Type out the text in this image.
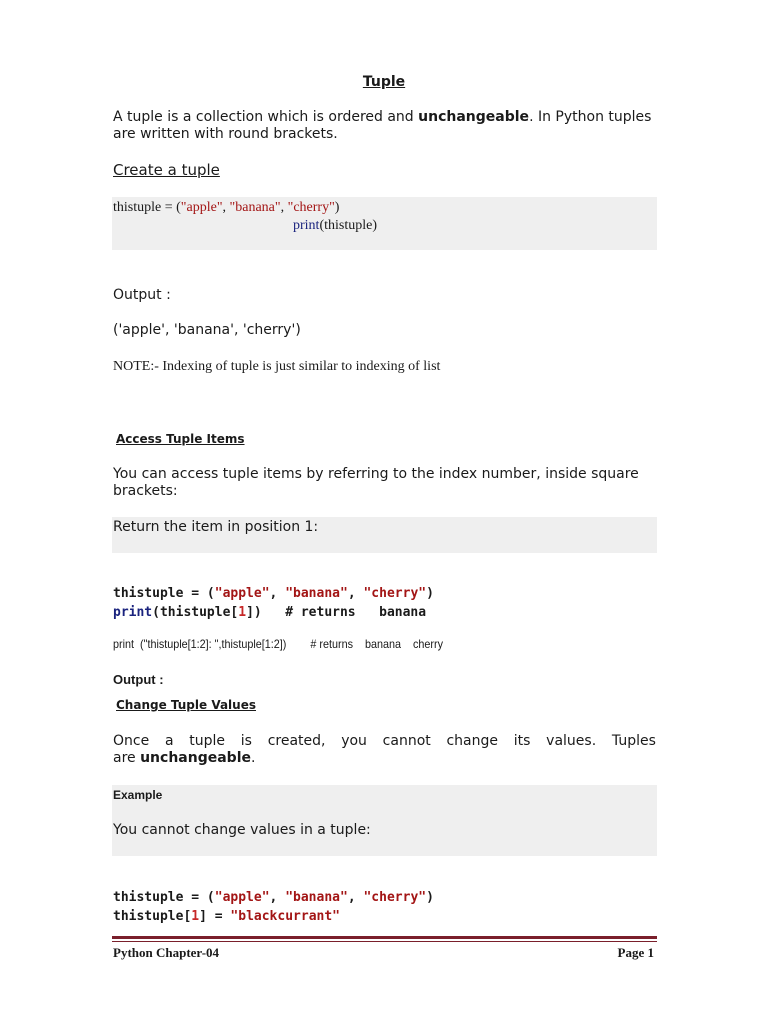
Tuple
A tuple is a collection which is ordered and unchangeable. In Python tuples
are written with round brackets.
Create a tuple
thistuple = ("apple", "banana", "cherry")
print(thistuple)
Output :
('apple', 'banana', 'cherry')
NOTE:- Indexing of tuple is just similar to indexing of list
Access Tuple Items
You can access tuple items by referring to the index number, inside square
brackets:
Return the item in position 1:
thistuple = ("apple", "banana", "cherry")
print(thistuple[1])   # returns   banana
print  ("thistuple[1:2]: ",thistuple[1:2])        # returns    banana    cherry
Output :
Change Tuple Values
Once a tuple is created, you cannot change its values. Tuples
are unchangeable.
Example
You cannot change values in a tuple:
thistuple = ("apple", "banana", "cherry")
thistuple[1] = "blackcurrant"
Python Chapter-04	Page 1
